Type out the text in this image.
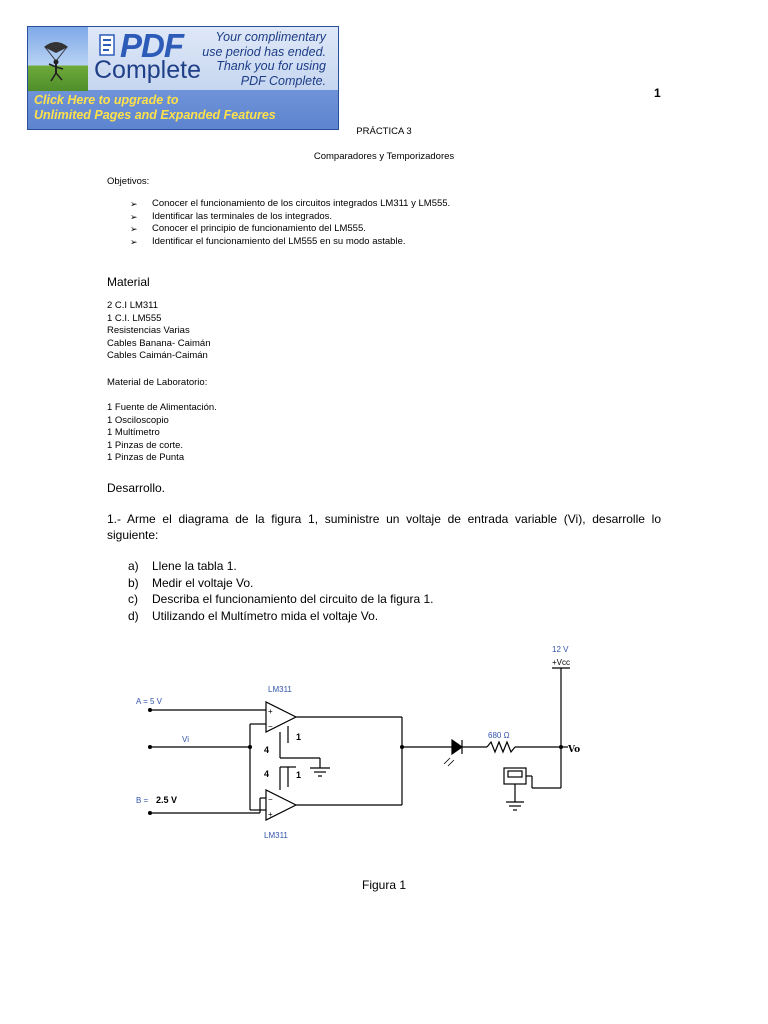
PDF
Complete
Your complimentary
use period has ended.
Thank you for using
PDF Complete.
Click Here to upgrade to
Unlimited Pages and Expanded Features
1
PRÁCTICA 3
Comparadores y Temporizadores
Objetivos:
➢ Conocer el funcionamiento de los circuitos integrados LM311 y LM555.
➢ Identificar las terminales de los integrados.
➢ Conocer el principio de funcionamiento del LM555.
➢ Identificar el funcionamiento del LM555 en su modo astable.
Material
2 C.I LM311
1 C.I. LM555
Resistencias Varias
Cables Banana- Caimán
Cables Caimán-Caimán
Material de Laboratorio:
1 Fuente de Alimentación.
1 Osciloscopio
1 Multímetro
1 Pinzas de corte.
1 Pinzas de Punta
Desarrollo.
1.- Arme el diagrama de la figura 1, suministre un voltaje de entrada variable (Vi), desarrolle lo
siguiente:
a)	Llene la tabla 1.
b)	Medir el voltaje Vo.
c)	Describa el funcionamiento del circuito de la figura 1.
d)	Utilizando el Multímetro mida el voltaje Vo.
12 V
+Vcc
A = 5 V
Vi
B = 2.5 V
LM311
LM311
+
−
−
+
4
4
1
1
680 Ω
Vo
Figura 1
